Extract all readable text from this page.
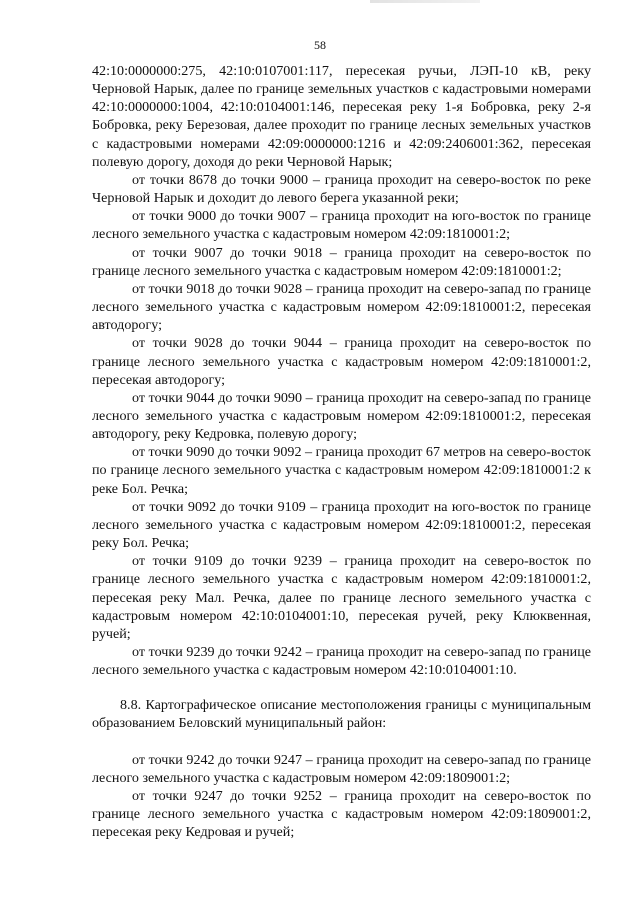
58

42:10:0000000:275, 42:10:0107001:117, пересекая ручьи, ЛЭП-10 кВ, реку Черновой Нарык, далее по границе земельных участков с кадастровыми номерами 42:10:0000000:1004, 42:10:0104001:146, пересекая реку 1-я Бобровка, реку 2-я Бобровка, реку Березовая, далее проходит по границе лесных земельных участков с кадастровыми номерами 42:09:0000000:1216 и 42:09:2406001:362, пересекая полевую дорогу, доходя до реки Черновой Нарык;

от точки 8678 до точки 9000 – граница проходит на северо-восток по реке Черновой Нарык и доходит до левого берега указанной реки;

от точки 9000 до точки 9007 – граница проходит на юго-восток по границе лесного земельного участка с кадастровым номером 42:09:1810001:2;

от точки 9007 до точки 9018 – граница проходит на северо-восток по границе лесного земельного участка с кадастровым номером 42:09:1810001:2;

от точки 9018 до точки 9028 – граница проходит на северо-запад по границе лесного земельного участка с кадастровым номером 42:09:1810001:2, пересекая автодорогу;

от точки 9028 до точки 9044 – граница проходит на северо-восток по границе лесного земельного участка с кадастровым номером 42:09:1810001:2, пересекая автодорогу;

от точки 9044 до точки 9090 – граница проходит на северо-запад по границе лесного земельного участка с кадастровым номером 42:09:1810001:2, пересекая автодорогу, реку Кедровка, полевую дорогу;

от точки 9090 до точки 9092 – граница проходит 67 метров на северо-восток по границе лесного земельного участка с кадастровым номером 42:09:1810001:2 к реке Бол. Речка;

от точки 9092 до точки 9109 – граница проходит на юго-восток по границе лесного земельного участка с кадастровым номером 42:09:1810001:2, пересекая реку Бол. Речка;

от точки 9109 до точки 9239 – граница проходит на северо-восток по границе лесного земельного участка с кадастровым номером 42:09:1810001:2, пересекая реку Мал. Речка, далее по границе лесного земельного участка с кадастровым номером 42:10:0104001:10, пересекая ручей, реку Клюквенная, ручей;

от точки 9239 до точки 9242 – граница проходит на северо-запад по границе лесного земельного участка с кадастровым номером 42:10:0104001:10.

8.8. Картографическое описание местоположения границы с муниципальным образованием Беловский муниципальный район:

от точки 9242 до точки 9247 – граница проходит на северо-запад по границе лесного земельного участка с кадастровым номером 42:09:1809001:2;

от точки 9247 до точки 9252 – граница проходит на северо-восток по границе лесного земельного участка с кадастровым номером 42:09:1809001:2, пересекая реку Кедровая и ручей;
